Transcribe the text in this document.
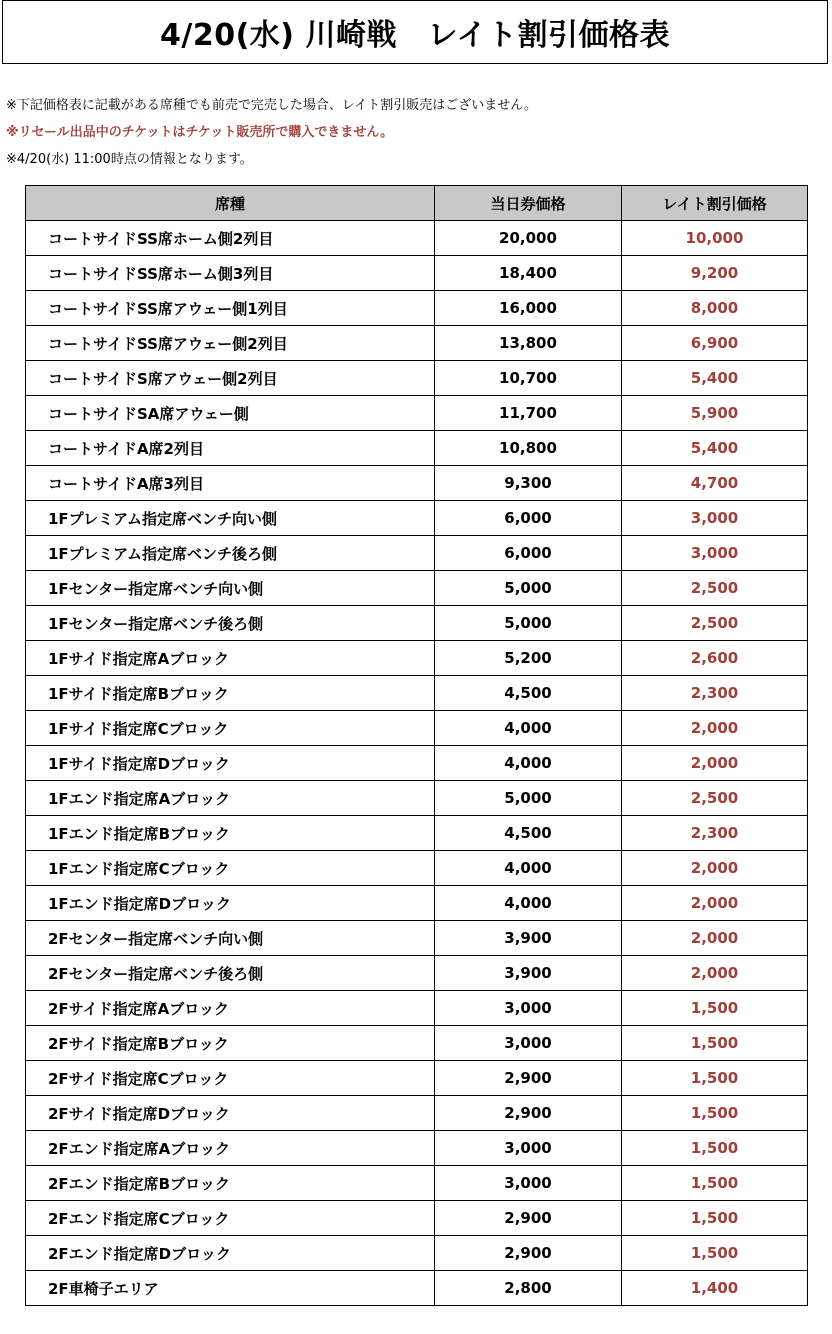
4/20(水) 川崎戦　レイト割引価格表
※下記価格表に記載がある席種でも前売で完売した場合、レイト割引販売はございません。
※リセール出品中のチケットはチケット販売所で購入できません。
※4/20(水) 11:00時点の情報となります。
席種	当日券価格	レイト割引価格
コートサイドSS席ホーム側2列目	20,000	10,000
コートサイドSS席ホーム側3列目	18,400	9,200
コートサイドSS席アウェー側1列目	16,000	8,000
コートサイドSS席アウェー側2列目	13,800	6,900
コートサイドS席アウェー側2列目	10,700	5,400
コートサイドSA席アウェー側	11,700	5,900
コートサイドA席2列目	10,800	5,400
コートサイドA席3列目	9,300	4,700
1Fプレミアム指定席ベンチ向い側	6,000	3,000
1Fプレミアム指定席ベンチ後ろ側	6,000	3,000
1Fセンター指定席ベンチ向い側	5,000	2,500
1Fセンター指定席ベンチ後ろ側	5,000	2,500
1Fサイド指定席Aブロック	5,200	2,600
1Fサイド指定席Bブロック	4,500	2,300
1Fサイド指定席Cブロック	4,000	2,000
1Fサイド指定席Dブロック	4,000	2,000
1Fエンド指定席Aブロック	5,000	2,500
1Fエンド指定席Bブロック	4,500	2,300
1Fエンド指定席Cブロック	4,000	2,000
1Fエンド指定席Dブロック	4,000	2,000
2Fセンター指定席ベンチ向い側	3,900	2,000
2Fセンター指定席ベンチ後ろ側	3,900	2,000
2Fサイド指定席Aブロック	3,000	1,500
2Fサイド指定席Bブロック	3,000	1,500
2Fサイド指定席Cブロック	2,900	1,500
2Fサイド指定席Dブロック	2,900	1,500
2Fエンド指定席Aブロック	3,000	1,500
2Fエンド指定席Bブロック	3,000	1,500
2Fエンド指定席Cブロック	2,900	1,500
2Fエンド指定席Dブロック	2,900	1,500
2F車椅子エリア	2,800	1,400
